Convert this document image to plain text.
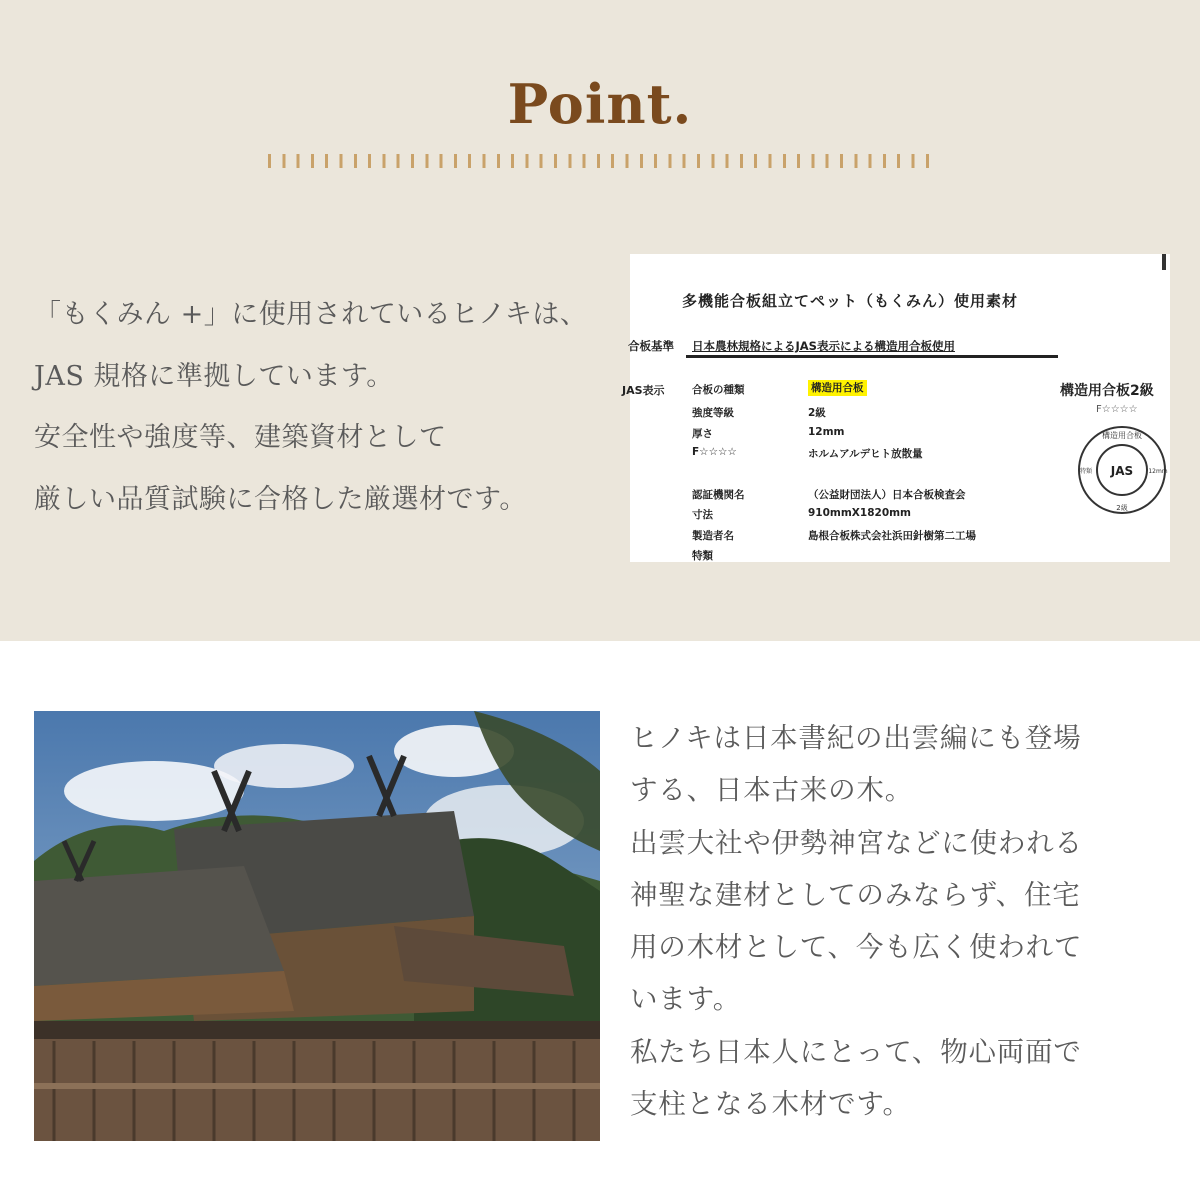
Point.

「もくみん +」に使用されているヒノキは、

JAS 規格に準拠しています。

安全性や強度等、建築資材として

厳しい品質試験に合格した厳選材です。

多機能合板組立てペット（もくみん）使用素材
合板基準 日本農林規格によるJAS表示による構造用合板使用
JAS表示	合板の種類	構造用合板
強度等級	2級
厚さ	12mm
F☆☆☆☆	ホルムアルデヒト放散量
認証機関名	（公益財団法人）日本合板検査会
寸法	910mmX1820mm
製造者名	島根合板株式会社浜田針樹第二工場
特類
構造用合板2級
F☆☆☆☆
構造用合板
JAS
特類	12mm
2級

ヒノキは日本書紀の出雲編にも登場

する、日本古来の木。

出雲大社や伊勢神宮などに使われる

神聖な建材としてのみならず、住宅

用の木材として、今も広く使われて

います。

私たち日本人にとって、物心両面で

支柱となる木材です。
